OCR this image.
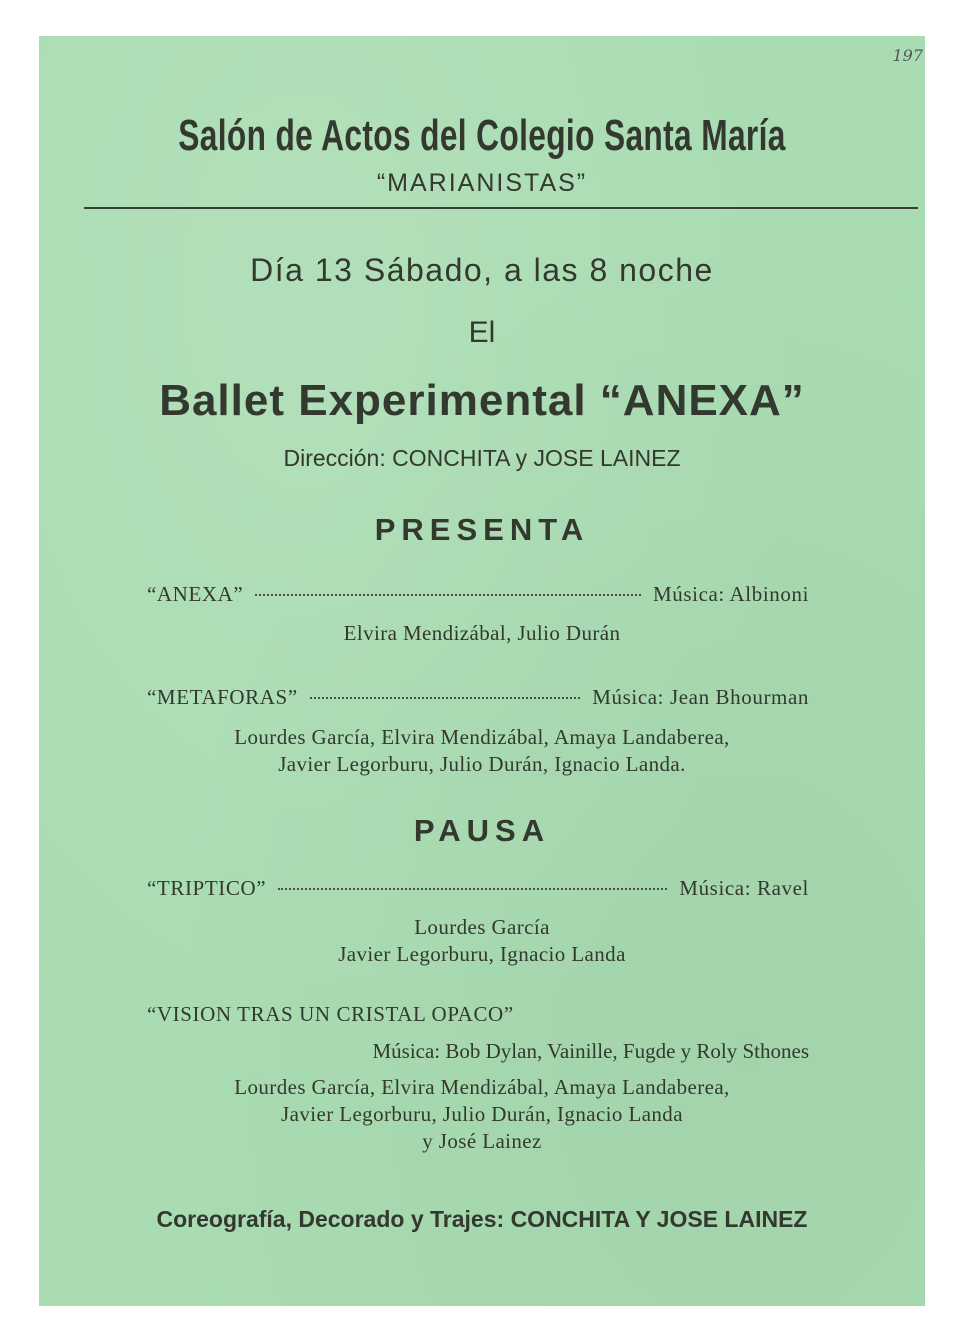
197
Salón de Actos del Colegio Santa María
“MARIANISTAS”
Día 13 Sábado, a las 8 noche
El
Ballet Experimental “ANEXA”
Dirección: CONCHITA y JOSE LAINEZ
PRESENTA
“ANEXA”	Música: Albinoni
Elvira Mendizábal, Julio Durán
“METAFORAS”	Música: Jean Bhourman
Lourdes García, Elvira Mendizábal, Amaya Landaberea,
Javier Legorburu, Julio Durán, Ignacio Landa.
PAUSA
“TRIPTICO”	Música: Ravel
Lourdes García
Javier Legorburu, Ignacio Landa
“VISION TRAS UN CRISTAL OPACO”
Música: Bob Dylan, Vainille, Fugde y Roly Sthones
Lourdes García, Elvira Mendizábal, Amaya Landaberea,
Javier Legorburu, Julio Durán, Ignacio Landa
y José Lainez
Coreografía, Decorado y Trajes: CONCHITA Y JOSE LAINEZ
